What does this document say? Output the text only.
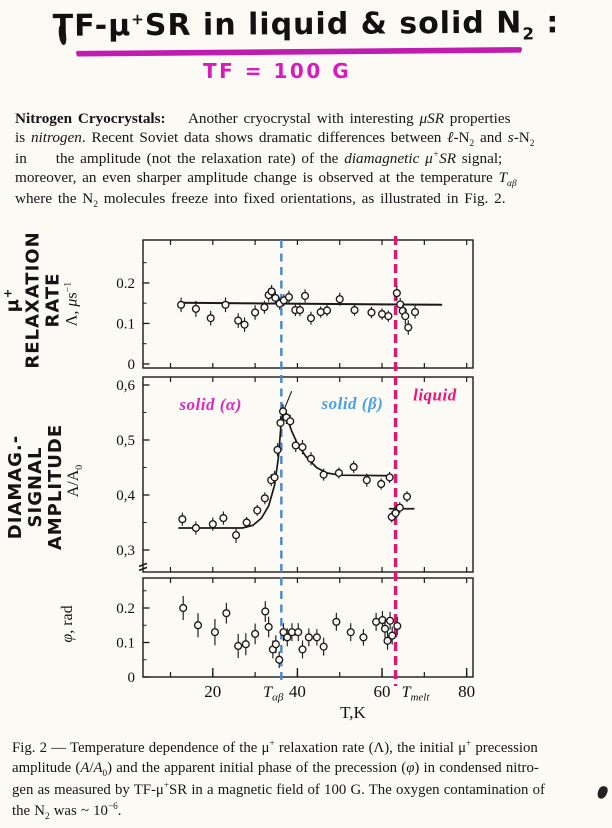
TF-μ+SR in liquid & solid $N_2$ :
TF = 100 G
Nitrogen Cryocrystals:    Another cryocrystal with interesting μSR properties
is nitrogen. Recent Soviet data shows dramatic differences between $\ell-N_2$ and $s-N_2$
in     the amplitude (not the relaxation rate) of the diamagnetic μ+SR signal;
moreover, an even sharper amplitude change is observed at the temperature $T_{\alpha\beta}$
where the $N_2$ molecules freeze into fixed orientations, as illustrated in Fig. 2.
μ+ RELAXATION
RATE Λ, $\mu s^{-1}$
DIAMAG.-
SIGNAL
AMPLITUDE
$A/A_0$
φ, rad
0
0.1
0.2
0,3
0,4
0,5
0,6
0
0.1
0.2
solid (α)	solid (β) liquid
20	40	60	80
$T_{\alpha\beta}$	$T_{melt}$
T,K
Fig. 2 — Temperature dependence of the μ+ relaxation rate (Λ), the initial μ+ precession
amplitude $(A/A_0)$ and the apparent initial phase of the precession (φ) in condensed nitro-
gen as measured by TF-μ+SR in a magnetic field of 100 G. The oxygen contamination of
the $N_2$ was ~ $10^{-6}$.
